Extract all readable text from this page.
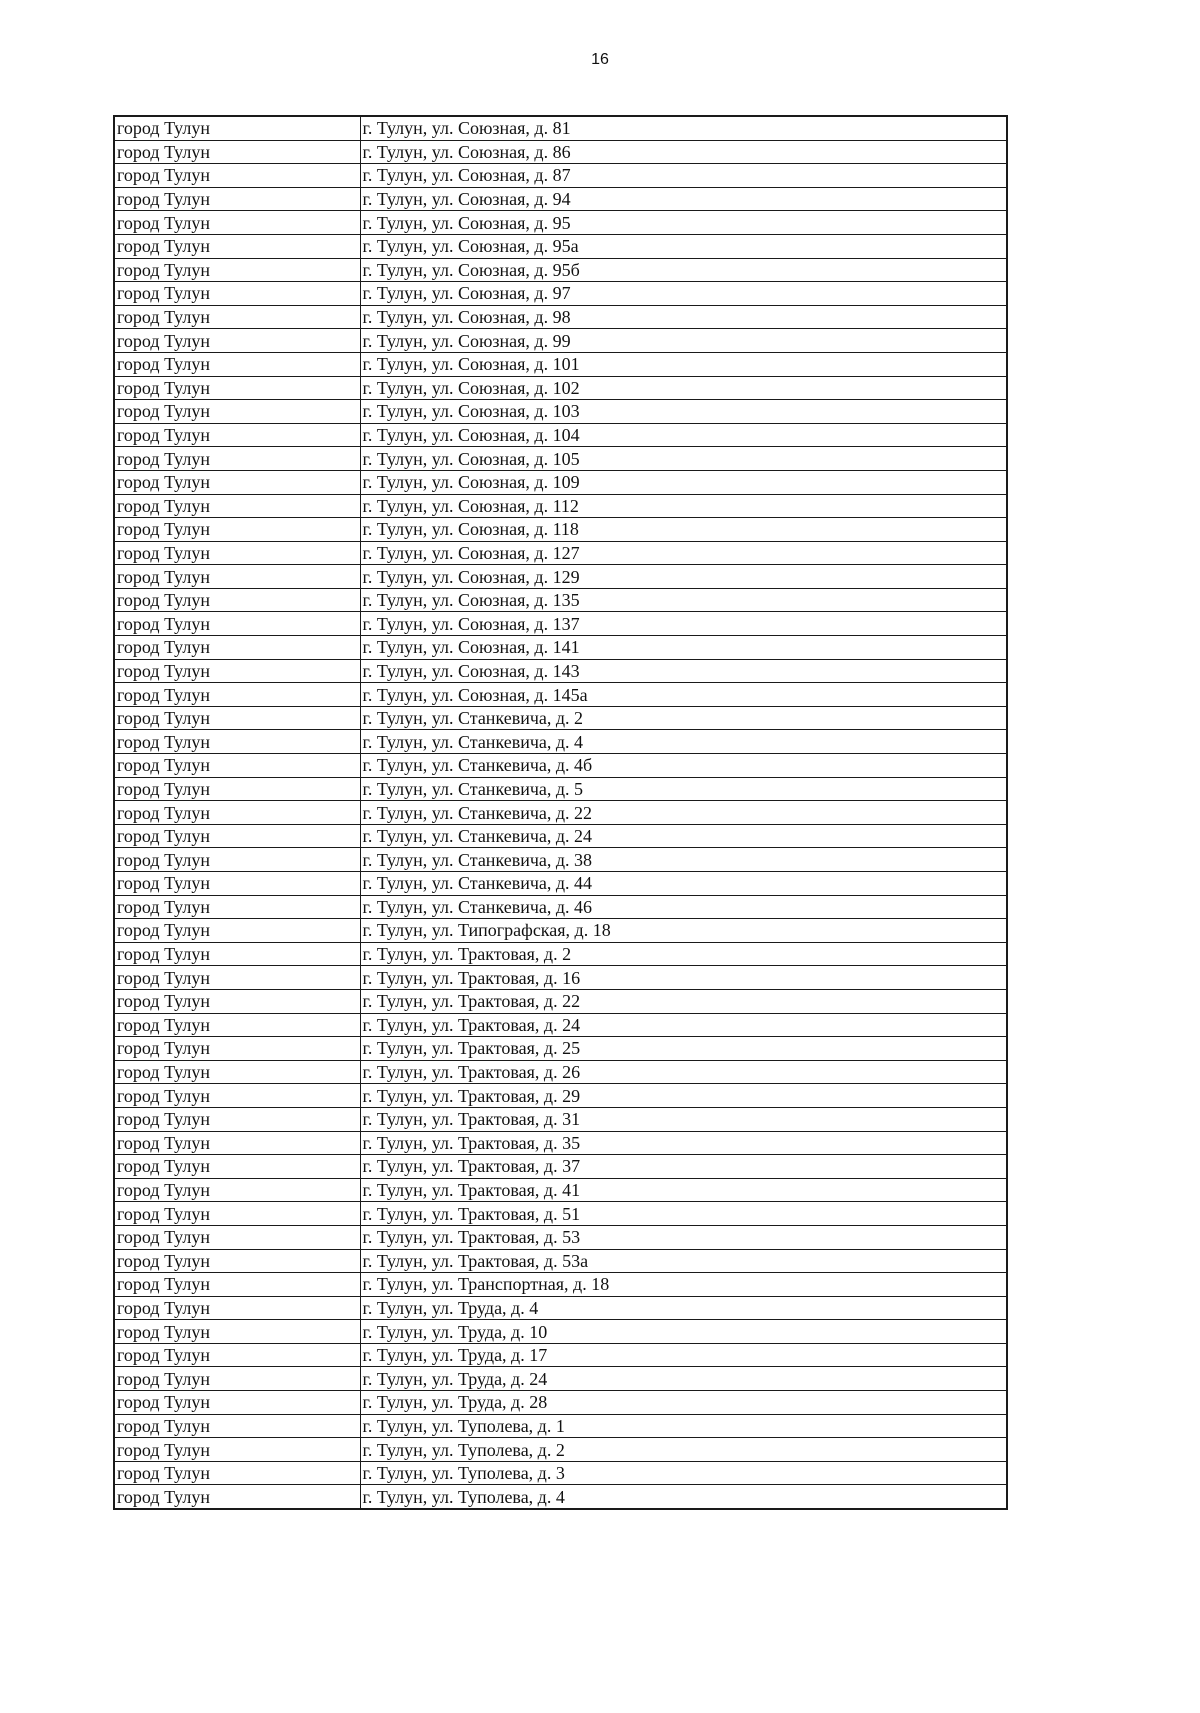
16
город Тулун	г. Тулун, ул. Союзная, д. 81
город Тулун	г. Тулун, ул. Союзная, д. 86
город Тулун	г. Тулун, ул. Союзная, д. 87
город Тулун	г. Тулун, ул. Союзная, д. 94
город Тулун	г. Тулун, ул. Союзная, д. 95
город Тулун	г. Тулун, ул. Союзная, д. 95а
город Тулун	г. Тулун, ул. Союзная, д. 95б
город Тулун	г. Тулун, ул. Союзная, д. 97
город Тулун	г. Тулун, ул. Союзная, д. 98
город Тулун	г. Тулун, ул. Союзная, д. 99
город Тулун	г. Тулун, ул. Союзная, д. 101
город Тулун	г. Тулун, ул. Союзная, д. 102
город Тулун	г. Тулун, ул. Союзная, д. 103
город Тулун	г. Тулун, ул. Союзная, д. 104
город Тулун	г. Тулун, ул. Союзная, д. 105
город Тулун	г. Тулун, ул. Союзная, д. 109
город Тулун	г. Тулун, ул. Союзная, д. 112
город Тулун	г. Тулун, ул. Союзная, д. 118
город Тулун	г. Тулун, ул. Союзная, д. 127
город Тулун	г. Тулун, ул. Союзная, д. 129
город Тулун	г. Тулун, ул. Союзная, д. 135
город Тулун	г. Тулун, ул. Союзная, д. 137
город Тулун	г. Тулун, ул. Союзная, д. 141
город Тулун	г. Тулун, ул. Союзная, д. 143
город Тулун	г. Тулун, ул. Союзная, д. 145а
город Тулун	г. Тулун, ул. Станкевича, д. 2
город Тулун	г. Тулун, ул. Станкевича, д. 4
город Тулун	г. Тулун, ул. Станкевича, д. 4б
город Тулун	г. Тулун, ул. Станкевича, д. 5
город Тулун	г. Тулун, ул. Станкевича, д. 22
город Тулун	г. Тулун, ул. Станкевича, д. 24
город Тулун	г. Тулун, ул. Станкевича, д. 38
город Тулун	г. Тулун, ул. Станкевича, д. 44
город Тулун	г. Тулун, ул. Станкевича, д. 46
город Тулун	г. Тулун, ул. Типографская, д. 18
город Тулун	г. Тулун, ул. Трактовая, д. 2
город Тулун	г. Тулун, ул. Трактовая, д. 16
город Тулун	г. Тулун, ул. Трактовая, д. 22
город Тулун	г. Тулун, ул. Трактовая, д. 24
город Тулун	г. Тулун, ул. Трактовая, д. 25
город Тулун	г. Тулун, ул. Трактовая, д. 26
город Тулун	г. Тулун, ул. Трактовая, д. 29
город Тулун	г. Тулун, ул. Трактовая, д. 31
город Тулун	г. Тулун, ул. Трактовая, д. 35
город Тулун	г. Тулун, ул. Трактовая, д. 37
город Тулун	г. Тулун, ул. Трактовая, д. 41
город Тулун	г. Тулун, ул. Трактовая, д. 51
город Тулун	г. Тулун, ул. Трактовая, д. 53
город Тулун	г. Тулун, ул. Трактовая, д. 53а
город Тулун	г. Тулун, ул. Транспортная, д. 18
город Тулун	г. Тулун, ул. Труда, д. 4
город Тулун	г. Тулун, ул. Труда, д. 10
город Тулун	г. Тулун, ул. Труда, д. 17
город Тулун	г. Тулун, ул. Труда, д. 24
город Тулун	г. Тулун, ул. Труда, д. 28
город Тулун	г. Тулун, ул. Туполева, д. 1
город Тулун	г. Тулун, ул. Туполева, д. 2
город Тулун	г. Тулун, ул. Туполева, д. 3
город Тулун	г. Тулун, ул. Туполева, д. 4
